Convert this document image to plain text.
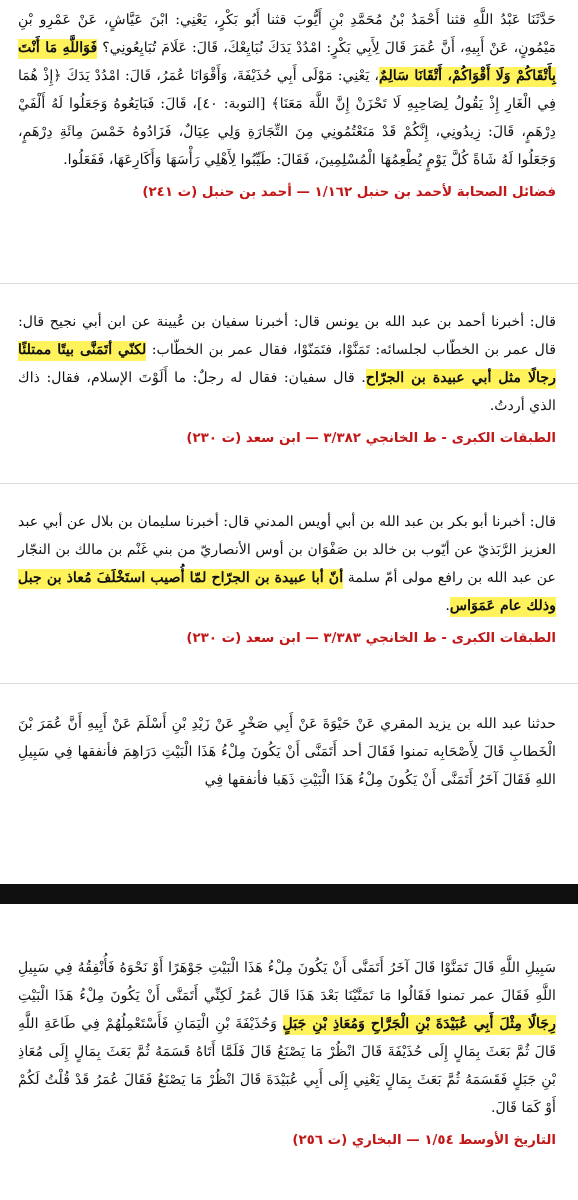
حَدَّثَنَا عَبْدُ اللَّهِ قثنا أَحْمَدُ بْنُ مُحَمَّدِ بْنِ أَيُّوبَ قثنا أَبُو بَكْرٍ، يَعْنِي: ابْنَ عَيَّاشٍ، عَنْ عَمْرِو بْنِ مَيْمُونٍ، عَنْ أَبِيهِ، أَنَّ عُمَرَ قَالَ لِأَبِي بَكْرٍ: امْدُدْ يَدَكَ نُبَايِعْكَ، قَالَ: عَلَامَ تُبَايِعُونِي؟ فَوَاللَّهِ مَا أَنْتَ بِأَتْقَاكُمْ وَلَا أَقْوَاكُمْ، أَتْقَانَا سَالِمٌ، يَعْنِي: مَوْلَى أَبِي حُذَيْفَةَ، وَأَقْوَانَا عُمَرُ، قَالَ: امْدُدْ يَدَكَ ﴿إِذْ هُمَا فِي الْغَارِ إِذْ يَقُولُ لِصَاحِبِهِ لَا تَحْزَنْ إِنَّ اللَّهَ مَعَنَا﴾ [التوبة: ٤٠]، قَالَ: فَبَايَعُوهُ وَجَعَلُوا لَهُ أَلْفَيْ دِرْهَمٍ، قَالَ: زِيدُونِي، إِنَّكُمْ قَدْ مَنَعْتُمُونِي مِنَ التِّجَارَةِ وَلِي عِيَالٌ، فَزَادُوهُ خَمْسَ مِائَةِ دِرْهَمٍ، وَجَعَلُوا لَهُ شَاةً كُلَّ يَوْمٍ يُطْعِمُهَا الْمُسْلِمِينَ، فَقَالَ: طَيِّبُوا لِأَهْلِي رَأْسَهَا وَأَكَارِعَهَا، فَفَعَلُوا.

فضائل الصحابة لأحمد بن حنبل ١/١٦٢ — أحمد بن حنبل (ت ٢٤١)

قال: أخبرنا أحمد بن عبد الله بن يونس قال: أخبرنا سفيان بن عُيينة عن ابن أبي نجيح قال: قال عمر بن الخطّاب لجلسائه: تَمَنَّوْا، فتَمَنّوْا، فقال عمر بن الخطّاب: لكنّي أتَمَنَّى بيتًا ممتلئًا رجالًا مثل أبي عبيدة بن الجرّاح. قال سفيان: فقال له رجلٌ: ما أَلَوْتَ الإسلام، فقال: ذاك الذي أردتُ.

الطبقات الكبرى - ط الخانجي ٣/٣٨٢ — ابن سعد (ت ٢٣٠)

قال: أخبرنا أبو بكر بن عبد الله بن أبي أويس المدني قال: أخبرنا سليمان بن بلال عن أبي عبد العزيز الرَّبَذيّ عن أيّوب بن خالد بن صَفْوَان بن أوس الأنصاريّ من بني غَنْم بن مالك بن النجّار عن عبد الله بن رافع مولى أمّ سلمة أنّ أبا عبيدة بن الجرّاح لمّا أُصيب استَخْلَفَ مُعاذ بن جبل وذلك عام عَمَوَاس.

الطبقات الكبرى - ط الخانجي ٣/٣٨٣ — ابن سعد (ت ٢٣٠)

حدثنا عبد الله بن يزيد المقري عَنْ حَيْوَةَ عَنْ أَبِي صَخْرٍ عَنْ زَيْدِ بْنِ أَسْلَمَ عَنْ أَبِيهِ أَنَّ عُمَرَ بْنَ الْخَطابِ قَالَ لِأَصْحَابِه تمنوا فَقَالَ أحد أَتَمَنَّى أَنْ يَكُونَ مِلْءُ هَذَا الْبَيْتِ دَرَاهِمَ فأنفقها فِي سَبِيلِ اللهِ فَقَالَ آخَرُ أَتَمَنَّى أَنْ يَكُونَ مِلْءُ هَذَا الْبَيْتِ ذَهَبا فأنفقها فِي

سَبِيلِ اللَّهِ قَالَ تَمَنَّوْا قَالَ آخَرُ أَتَمَنَّى أَنْ يَكُونَ مِلْءُ هَذَا الْبَيْتِ جَوْهَرًا أَوْ نَحْوَهُ فَأُنْفِقُهُ فِي سَبِيلِ اللَّهِ فَقَالَ عمر تمنوا فَقَالُوا مَا تَمَنَّيْنَا بَعْدَ هَذَا قَالَ عُمَرُ لَكِنِّي أَتَمَنَّى أَنْ يَكُونَ مِلْءُ هَذَا الْبَيْتِ رِجَالًا مِثْلَ أَبِي عُبَيْدَةَ بْنِ الْجَرَّاحِ وَمُعَاذِ بْنِ جَبَلٍ وَحُذَيْفَةَ بْنِ الْيَمَانِ فَأَسْتَعْمِلُهُمْ فِي طَاعَةِ اللَّهِ قَالَ ثُمَّ بَعَثَ بِمَالٍ إِلَى حُذَيْفَةَ قَالَ انْظُرْ مَا يَصْنَعُ قَالَ فَلَمَّا أَتَاهُ قَسَمَهُ ثُمَّ بَعَثَ بِمَالٍ إِلَى مُعَاذِ بْنِ جَبَلٍ فَقَسَمَهُ ثُمَّ بَعَثَ بِمَالٍ يَعْنِي إِلَى أَبِي عُبَيْدَةَ قَالَ انْظُرْ مَا يَصْنَعُ فَقَالَ عُمَرُ قَدْ قُلْتُ لَكُمْ أَوْ كَمَا قَالَ.

التاريخ الأوسط ١/٥٤ — البخاري (ت ٢٥٦)
